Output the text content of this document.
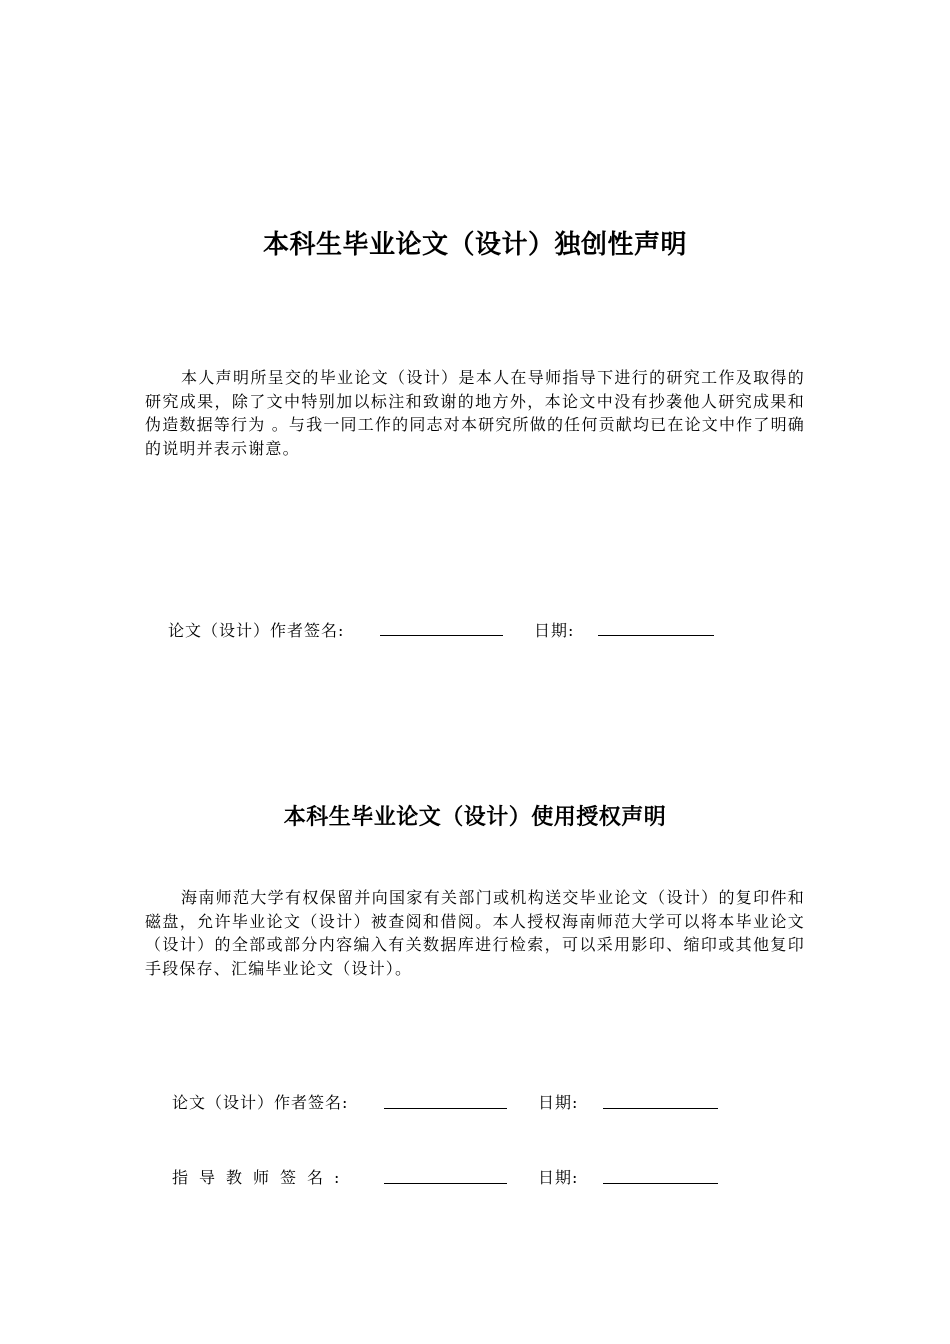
本科生毕业论文（设计）独创性声明

本人声明所呈交的毕业论文（设计）是本人在导师指导下进行的研究工作及取得的研究成果，除了文中特别加以标注和致谢的地方外，本论文中没有抄袭他人研究成果和伪造数据等行为 。与我一同工作的同志对本研究所做的任何贡献均已在论文中作了明确的说明并表示谢意。

论文（设计）作者签名:	日期:
本科生毕业论文（设计）使用授权声明

海南师范大学有权保留并向国家有关部门或机构送交毕业论文（设计）的复印件和磁盘，允许毕业论文（设计）被查阅和借阅。本人授权海南师范大学可以将本毕业论文（设计）的全部或部分内容编入有关数据库进行检索，可以采用影印、缩印或其他复印手段保存、汇编毕业论文（设计）。

论文（设计）作者签名:	日期:
指导教师签名:	日期:
